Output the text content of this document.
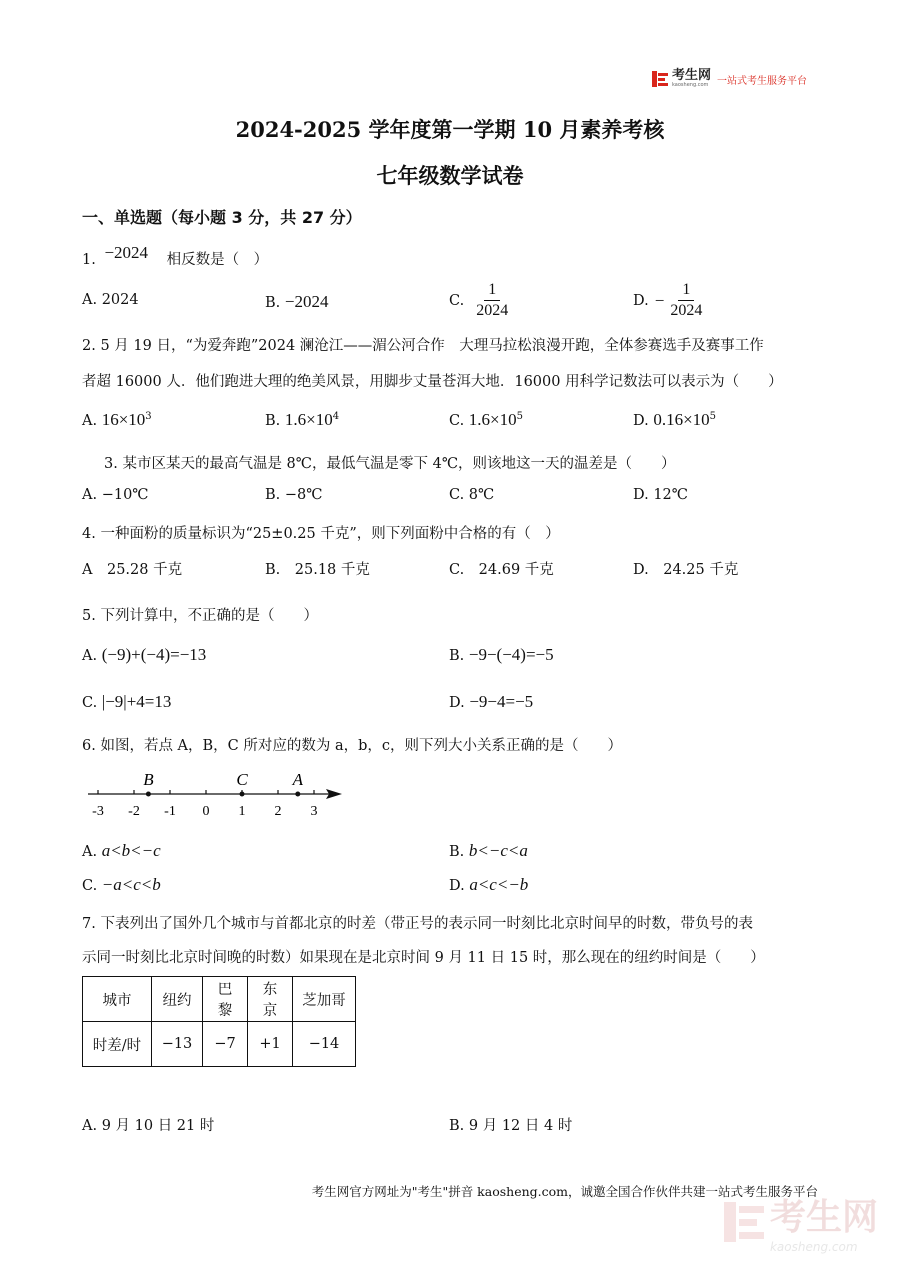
考生网
kaosheng.com 一站式考生服务平台
2024-2025 学年度第一学期 10 月素养考核
七年级数学试卷
一、单选题（每小题 3 分，共 27 分）
1. −2024 相反数是（　）
A. 2024	B. −2024	C. $\frac{1}{2024}$	D. − $\frac{1}{2024}$
2. 5 月 19 日，“为爱奔跑”2024 澜沧江——湄公河合作　大理马拉松浪漫开跑，全体参赛选手及赛事工作
者超 16000 人．他们跑进大理的绝美风景，用脚步丈量苍洱大地．16000 用科学记数法可以表示为（　　）
A. $16\times 10^3$	B. $1.6\times 10^4$	C. $1.6\times 10^5$	D. $0.16\times 10^5$
3. 某市区某天的最高气温是 8℃，最低气温是零下 4℃，则该地这一天的温差是（　　）
A. −10℃	B. −8℃	C. 8℃	D. 12℃
4. 一种面粉的质量标识为“25±0.25 千克”，则下列面粉中合格的有（　）
A　25.28 千克	B.　25.18 千克	C.　24.69 千克	D.　24.25 千克
5. 下列计算中，不正确的是（　　）
A. (−9)+(−4)=−13	B. −9−(−4)=−5
C. |−9|+4=13	D. −9−4=−5
6. 如图，若点 A，B，C 所对应的数为 a，b，c，则下列大小关系正确的是（　　）
-3 -2 -1 0 1 2 3
B	C	A
A. a<b<−c	B. b<−c<a
C. −a<c<b	D. a<c<−b
7. 下表列出了国外几个城市与首都北京的时差（带正号的表示同一时刻比北京时间早的时数，带负号的表
示同一时刻比北京时间晚的时数）如果现在是北京时间 9 月 11 日 15 时，那么现在的纽约时间是（　　）
城市	纽约	巴黎	东京	芝加哥
时差/时	−13	−7	+1	−14
A. 9 月 10 日 21 时	B. 9 月 12 日 4 时
考生网官方网址为"考生"拼音 kaosheng.com，诚邀全国合作伙伴共建一站式考生服务平台
考生网
kaosheng.com
